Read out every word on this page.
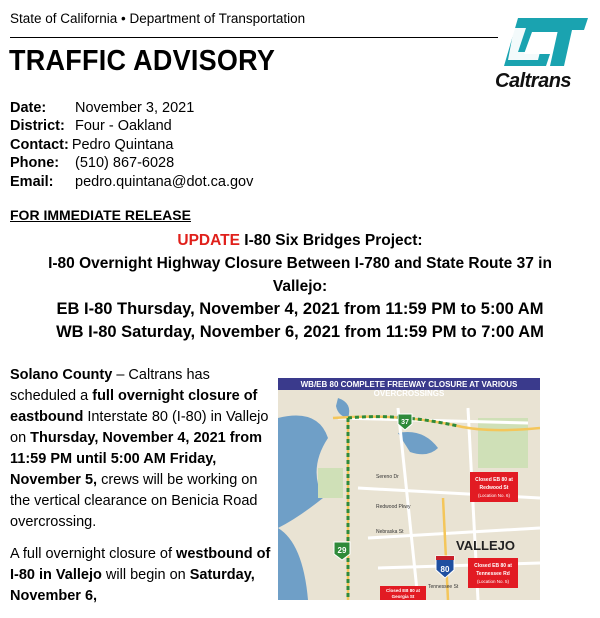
State of California • Department of Transportation
TRAFFIC ADVISORY
Caltrans
Date:	November 3, 2021
District: Four - Oakland
Contact: Pedro Quintana
Phone:	(510) 867-6028
Email:	pedro.quintana@dot.ca.gov
FOR IMMEDIATE RELEASE
UPDATE I-80 Six Bridges Project:
I-80 Overnight Highway Closure Between I-780 and State Route 37 in
Vallejo:
EB I-80 Thursday, November 4, 2021 from 11:59 PM to 5:00 AM
WB I-80 Saturday, November 6, 2021 from 11:59 PM to 7:00 AM

Solano County – Caltrans has scheduled a full overnight closure of eastbound Interstate 80 (I-80) in Vallejo on Thursday, November 4, 2021 from 11:59 PM until 5:00 AM Friday, November 5, crews will be working on the vertical clearance on Benicia Road overcrossing.

A full overnight closure of westbound of I-80 in Vallejo will begin on Saturday, November 6,

37
29
80
Sereno Dr
Redwood Pkwy
Nebraska St
Tennessee St
VALLEJO
Closed EB 80 at
Redwood St
(Location No. 6)
Closed EB 80 at
Tennessee Rd
(Location No. 5)
Closed EB 80 at
Georgia St
WB/EB 80 COMPLETE FREEWAY CLOSURE AT VARIOUS OVERCROSSINGS
